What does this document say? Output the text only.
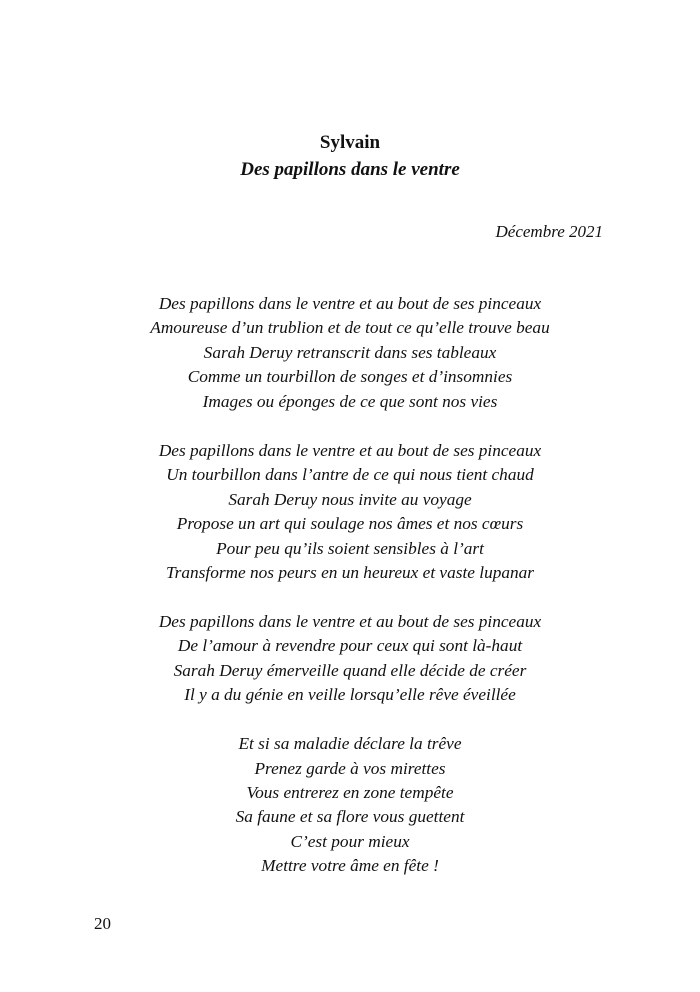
Sylvain
Des papillons dans le ventre
Décembre 2021
Des papillons dans le ventre et au bout de ses pinceaux
Amoureuse d’un trublion et de tout ce qu’elle trouve beau
Sarah Deruy retranscrit dans ses tableaux
Comme un tourbillon de songes et d’insomnies
Images ou éponges de ce que sont nos vies
Des papillons dans le ventre et au bout de ses pinceaux
Un tourbillon dans l’antre de ce qui nous tient chaud
Sarah Deruy nous invite au voyage
Propose un art qui soulage nos âmes et nos cœurs
Pour peu qu’ils soient sensibles à l’art
Transforme nos peurs en un heureux et vaste lupanar
Des papillons dans le ventre et au bout de ses pinceaux
De l’amour à revendre pour ceux qui sont là-haut
Sarah Deruy émerveille quand elle décide de créer
Il y a du génie en veille lorsqu’elle rêve éveillée
Et si sa maladie déclare la trêve
Prenez garde à vos mirettes
Vous entrerez en zone tempête
Sa faune et sa flore vous guettent
C’est pour mieux
Mettre votre âme en fête !
20
